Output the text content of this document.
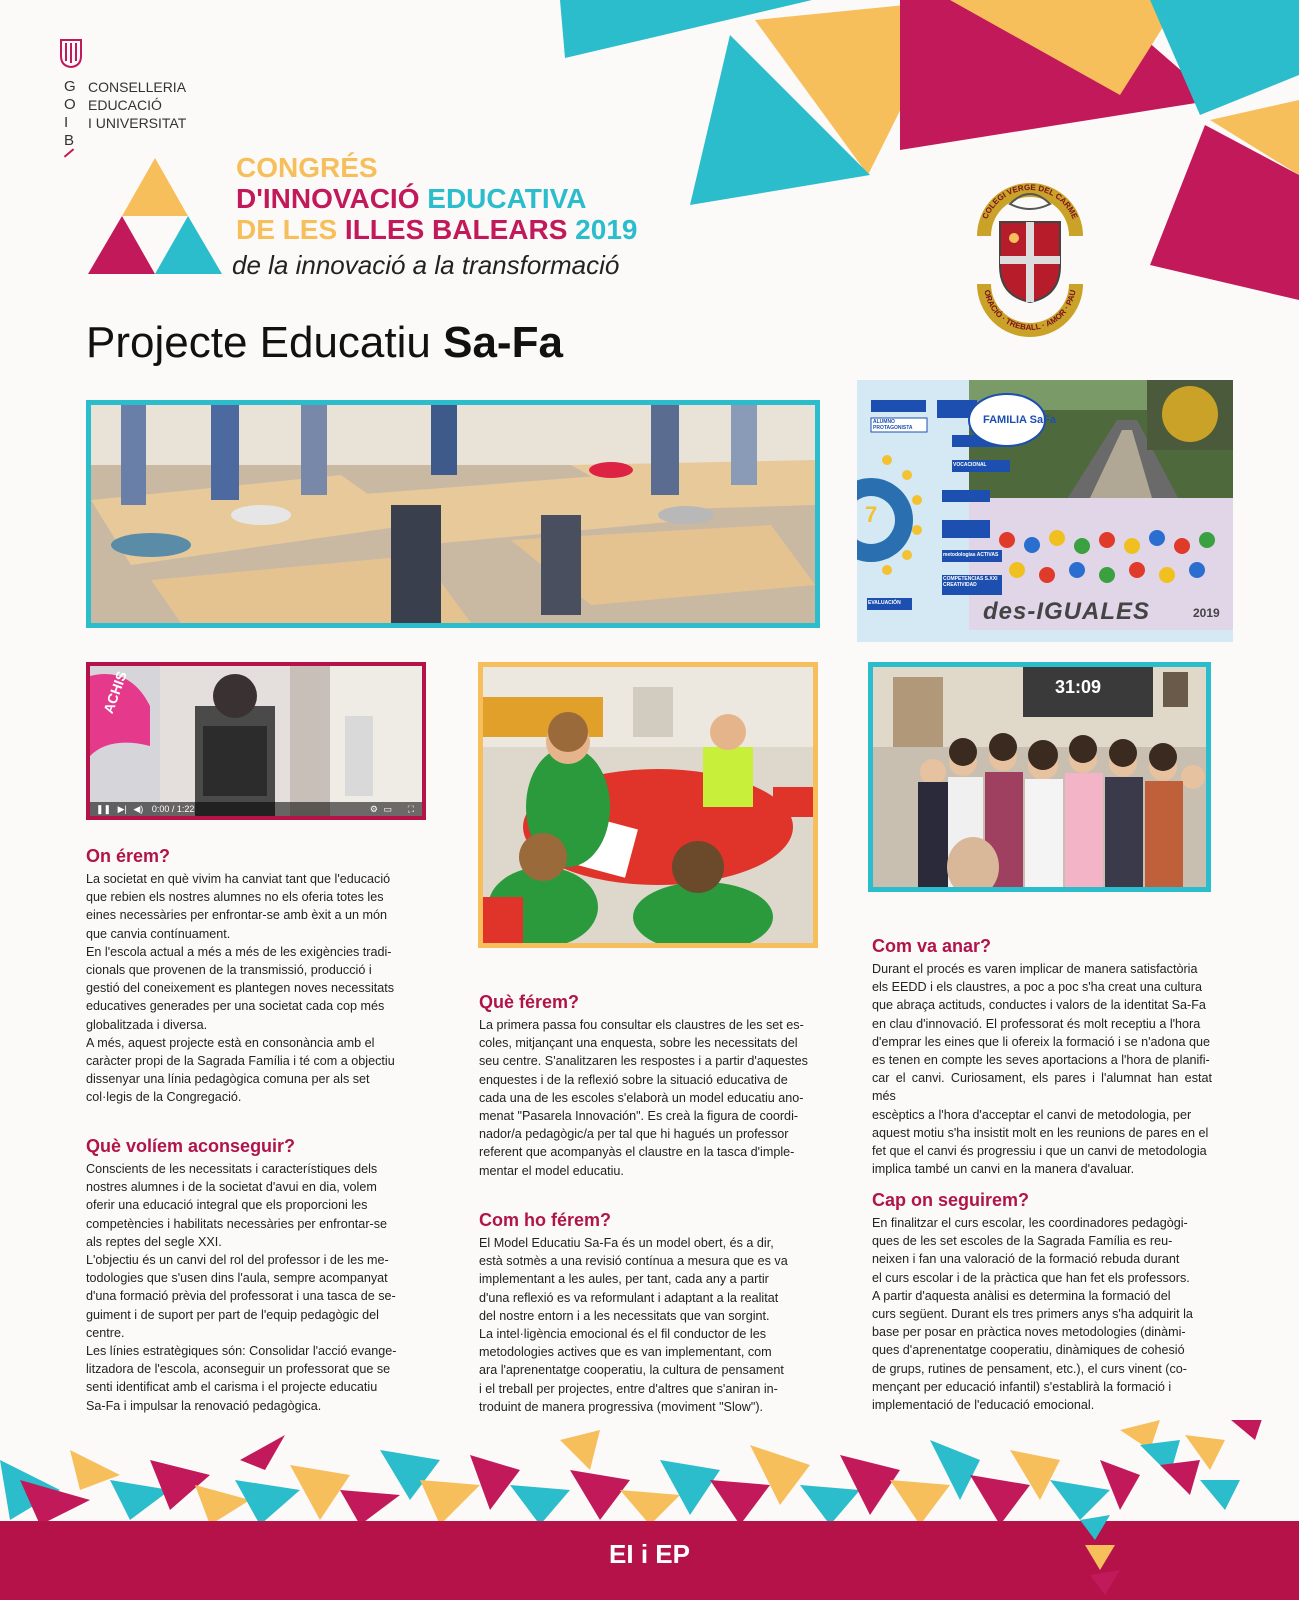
G
O
I
B
CONSELLERIA
EDUCACIÓ
I UNIVERSITAT
CONGRÉS
D'INNOVACIÓ EDUCATIVA
DE LES ILLES BALEARS 2019
de la innovació a la transformació
COLEGI VERGE DEL CARME
ORACIÓ · TREBALL · AMOR · PAU
Projecte Educatiu Sa-Fa
7
FAMILIA SaFa
ALUMNO PROTAGONISTA
VOCACIONAL
metodologías ACTIVAS
COMPETENCIAS S.XXI CREATIVIDAD
EVALUACIÓN	des-IGUALES	2019
ACHIS
❚❚ ▶| ◀) 0:00 / 1:22	⚙ ▭ ⛶
31:09
On érem?
La societat en què vivim ha canviat tant que l'educació
que rebien els nostres alumnes no els oferia totes les
eines necessàries per enfrontar-se amb èxit a un món
que canvia contínuament.
En l'escola actual a més a més de les exigències tradi-
cionals que provenen de la transmissió, producció i
gestió del coneixement es plantegen noves necessitats
educatives generades per una societat cada cop més
globalitzada i diversa.
A més, aquest projecte està en consonància amb el
caràcter propi de la Sagrada Família i té com a objectiu
dissenyar una línia pedagògica comuna per als set
col·legis de la Congregació.
Què volíem aconseguir?
Conscients de les necessitats i característiques dels
nostres alumnes i de la societat d'avui en dia, volem
oferir una educació integral que els proporcioni les
competències i habilitats necessàries per enfrontar-se
als reptes del segle XXI.
L'objectiu és un canvi del rol del professor i de les me-
todologies que s'usen dins l'aula, sempre acompanyat
d'una formació prèvia del professorat i una tasca de se-
guiment i de suport per part de l'equip pedagògic del
centre.
Les línies estratègiques són: Consolidar l'acció evange-
litzadora de l'escola, aconseguir un professorat que se
senti identificat amb el carisma i el projecte educatiu
Sa-Fa i impulsar la renovació pedagògica.
Què férem?
La primera passa fou consultar els claustres de les set es-
coles, mitjançant una enquesta, sobre les necessitats del
seu centre. S'analitzaren les respostes i a partir d'aquestes
enquestes i de la reflexió sobre la situació educativa de
cada una de les escoles s'elaborà un model educatiu ano-
menat "Pasarela Innovación". Es creà la figura de coordi-
nador/a pedagògic/a per tal que hi hagués un professor
referent que acompanyàs el claustre en la tasca d'imple-
mentar el model educatiu.
Com ho férem?
El Model Educatiu Sa-Fa és un model obert, és a dir,
està sotmès a una revisió contínua a mesura que es va
implementant a les aules, per tant, cada any a partir
d'una reflexió es va reformulant i adaptant a la realitat
del nostre entorn i a les necessitats que van sorgint.
La intel·ligència emocional és el fil conductor de les
metodologies actives que es van implementant, com
ara l'aprenentatge cooperatiu, la cultura de pensament
i el treball per projectes, entre d'altres que s'aniran in-
troduint de manera progressiva (moviment "Slow").
Com va anar?
Durant el procés es varen implicar de manera satisfactòria
els EEDD i els claustres, a poc a poc s'ha creat una cultura
que abraça actituds, conductes i valors de la identitat Sa-Fa
en clau d'innovació. El professorat és molt receptiu a l'hora
d'emprar les eines que li ofereix la formació i se n'adona que
es tenen en compte les seves aportacions a l'hora de planifi-
car el canvi. Curiosament, els pares i l'alumnat han estat més
escèptics a l'hora d'acceptar el canvi de metodologia, per
aquest motiu s'ha insistit molt en les reunions de pares en el
fet que el canvi és progressiu i que un canvi de metodologia
implica també un canvi en la manera d'avaluar.
Cap on seguirem?
En finalitzar el curs escolar, les coordinadores pedagògi-
ques de les set escoles de la Sagrada Família es reu-
neixen i fan una valoració de la formació rebuda durant
el curs escolar i de la pràctica que han fet els professors.
A partir d'aquesta anàlisi es determina la formació del
curs següent. Durant els tres primers anys s'ha adquirit la
base per posar en pràctica noves metodologies (dinàmi-
ques d'aprenentatge cooperatiu, dinàmiques de cohesió
de grups, rutines de pensament, etc.), el curs vinent (co-
mençant per educació infantil) s'establirà la formació i
implementació de l'educació emocional.
EI i EP
